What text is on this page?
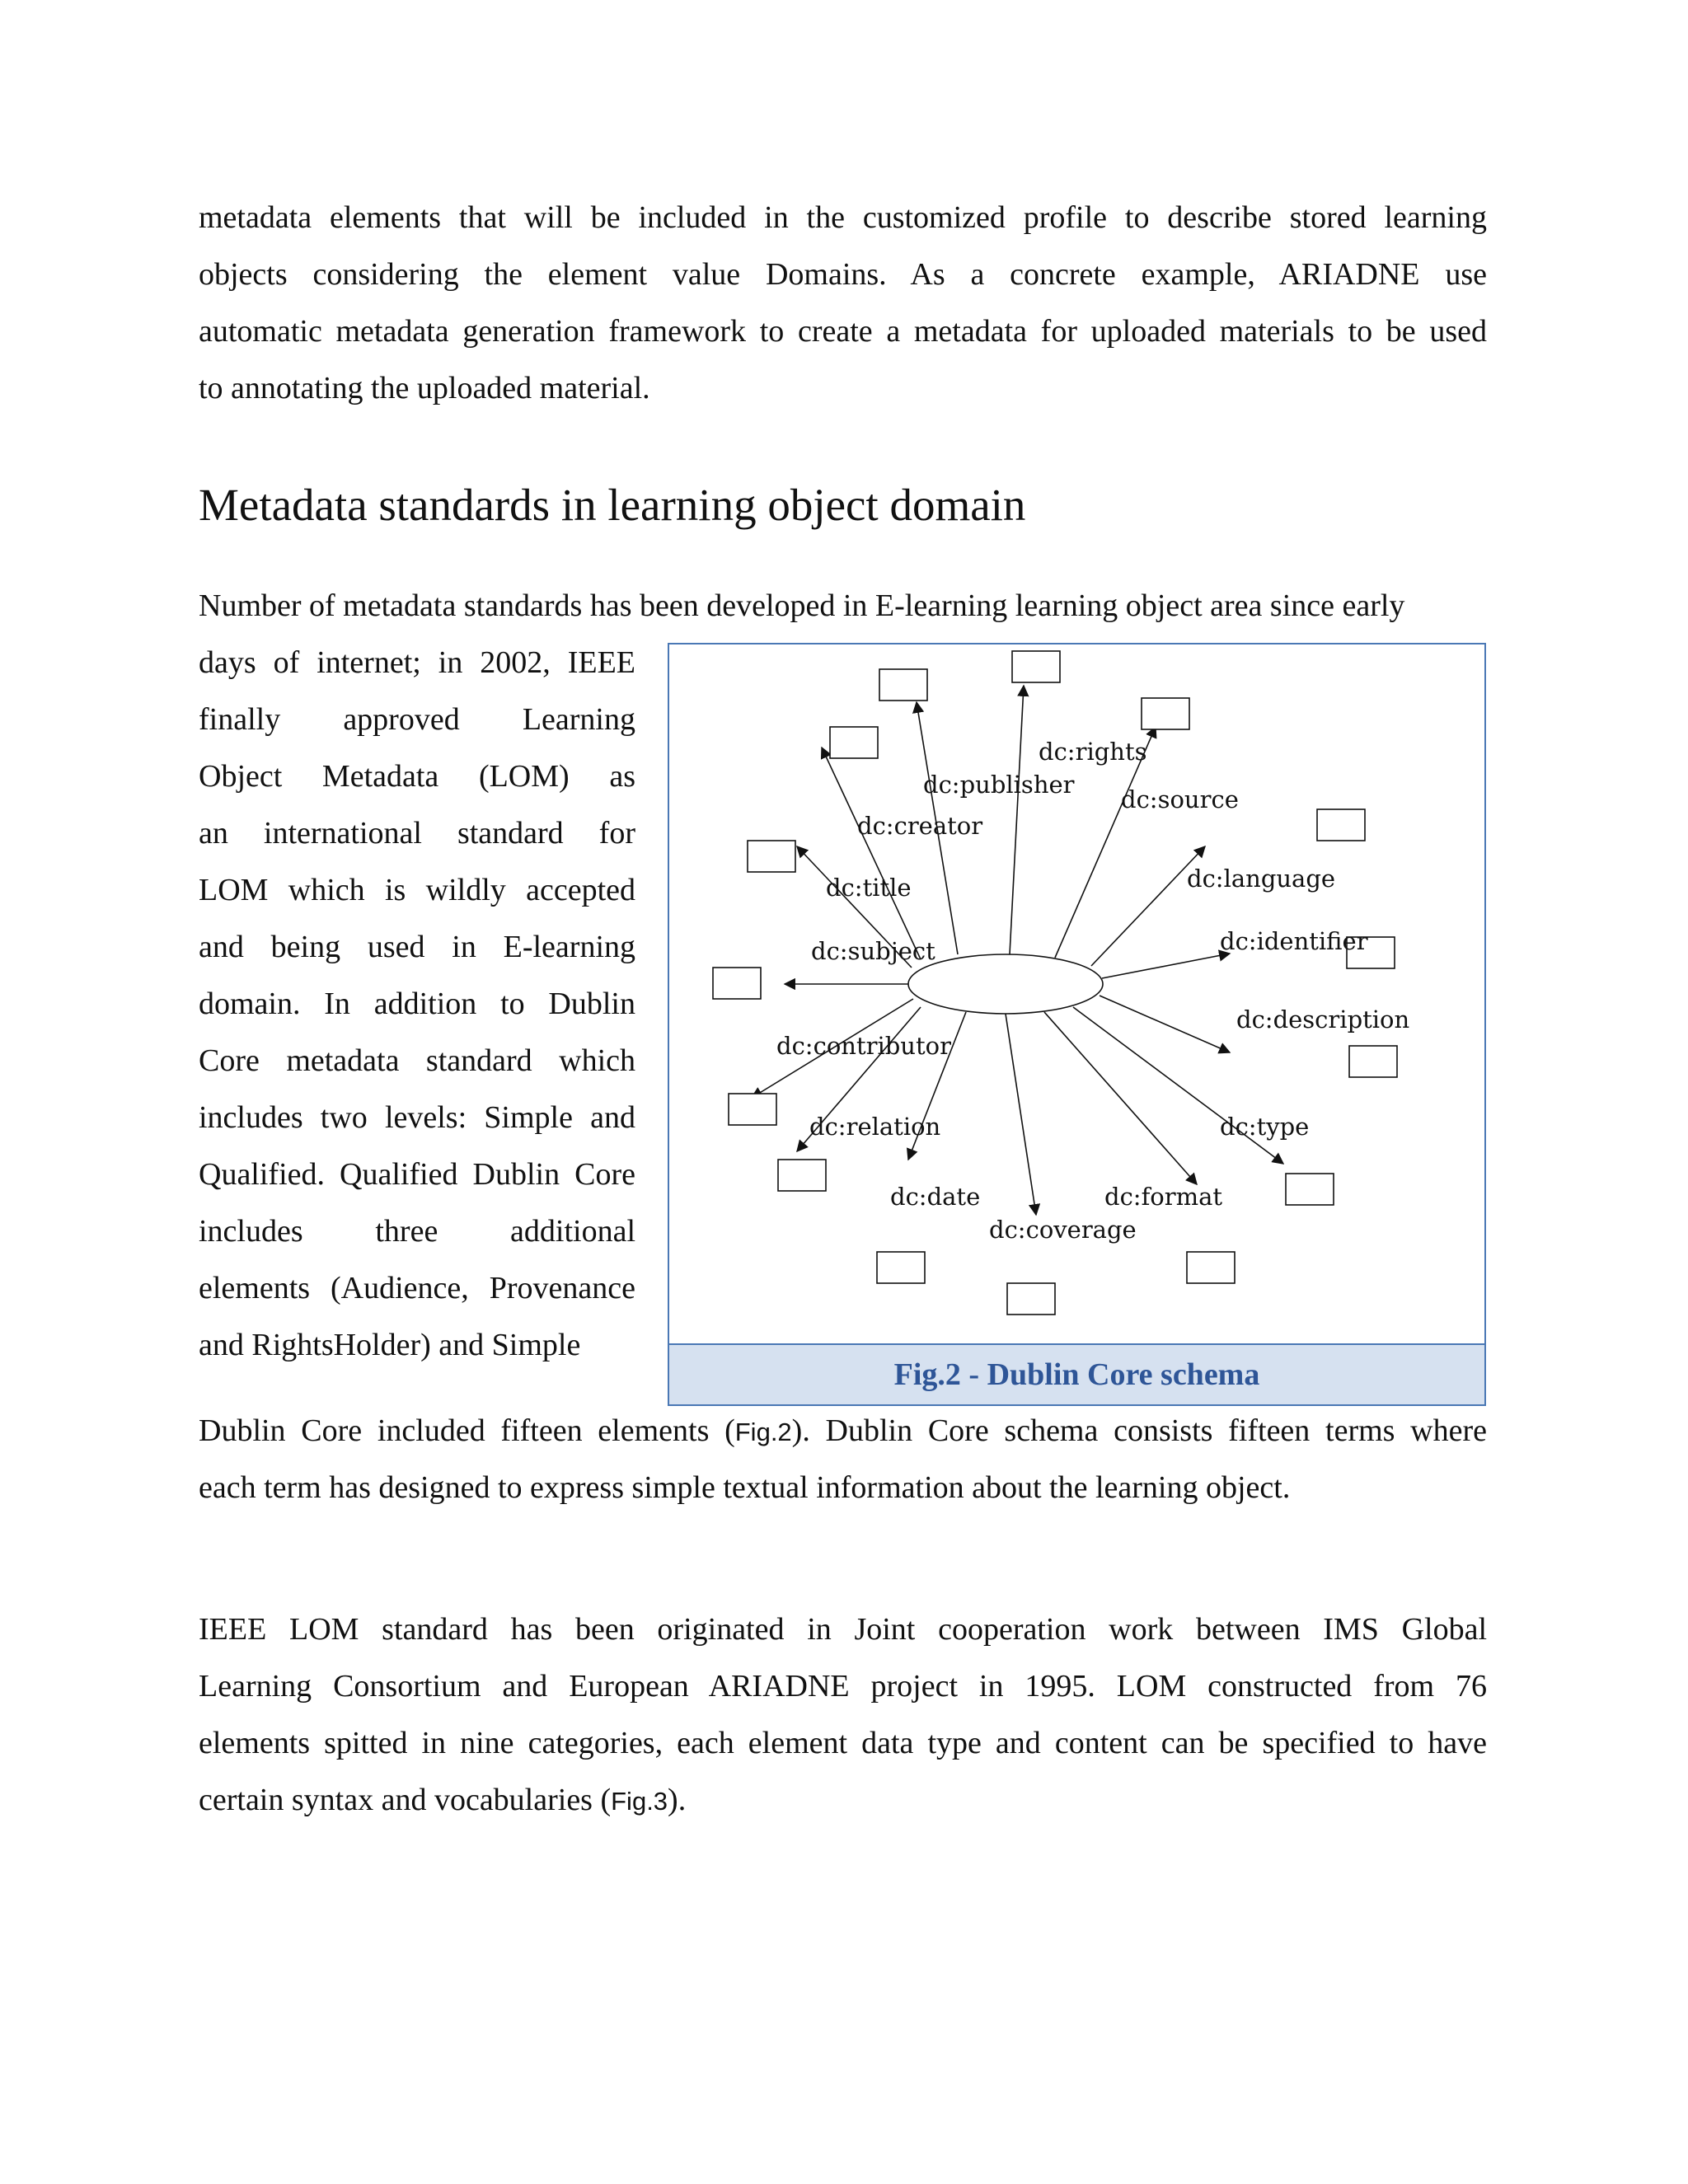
metadata elements that will be included in the customized profile to describe stored learning
objects considering the element value Domains. As a concrete example, ARIADNE use
automatic metadata generation framework to create a metadata for uploaded materials to be used
to annotating the uploaded material.
Metadata standards in learning object domain
Number of metadata standards has been developed in E-learning learning object area since early
days of internet; in 2002, IEEE
finally approved Learning
Object Metadata (LOM) as
an international standard for
LOM which is wildly accepted
and being used in E-learning
domain. In addition to Dublin
Core metadata standard which
includes two levels: Simple and
Qualified. Qualified Dublin Core
includes three additional
elements (Audience, Provenance
and RightsHolder) and Simple
dc:rights
dc:publisher
dc:source
dc:creator
dc:language
dc:title
dc:identifier
dc:subject
dc:description
dc:contributor
dc:relation	dc:type
dc:date	dc:format
dc:coverage
Fig.2 - Dublin Core schema
Dublin Core included fifteen elements (Fig.2). Dublin Core schema consists fifteen terms where
each term has designed to express simple textual information about the learning object.
IEEE LOM standard has been originated in Joint cooperation work between IMS Global
Learning Consortium and European ARIADNE project in 1995. LOM constructed from 76
elements spitted in nine categories, each element data type and content can be specified to have
certain syntax and vocabularies (Fig.3).
